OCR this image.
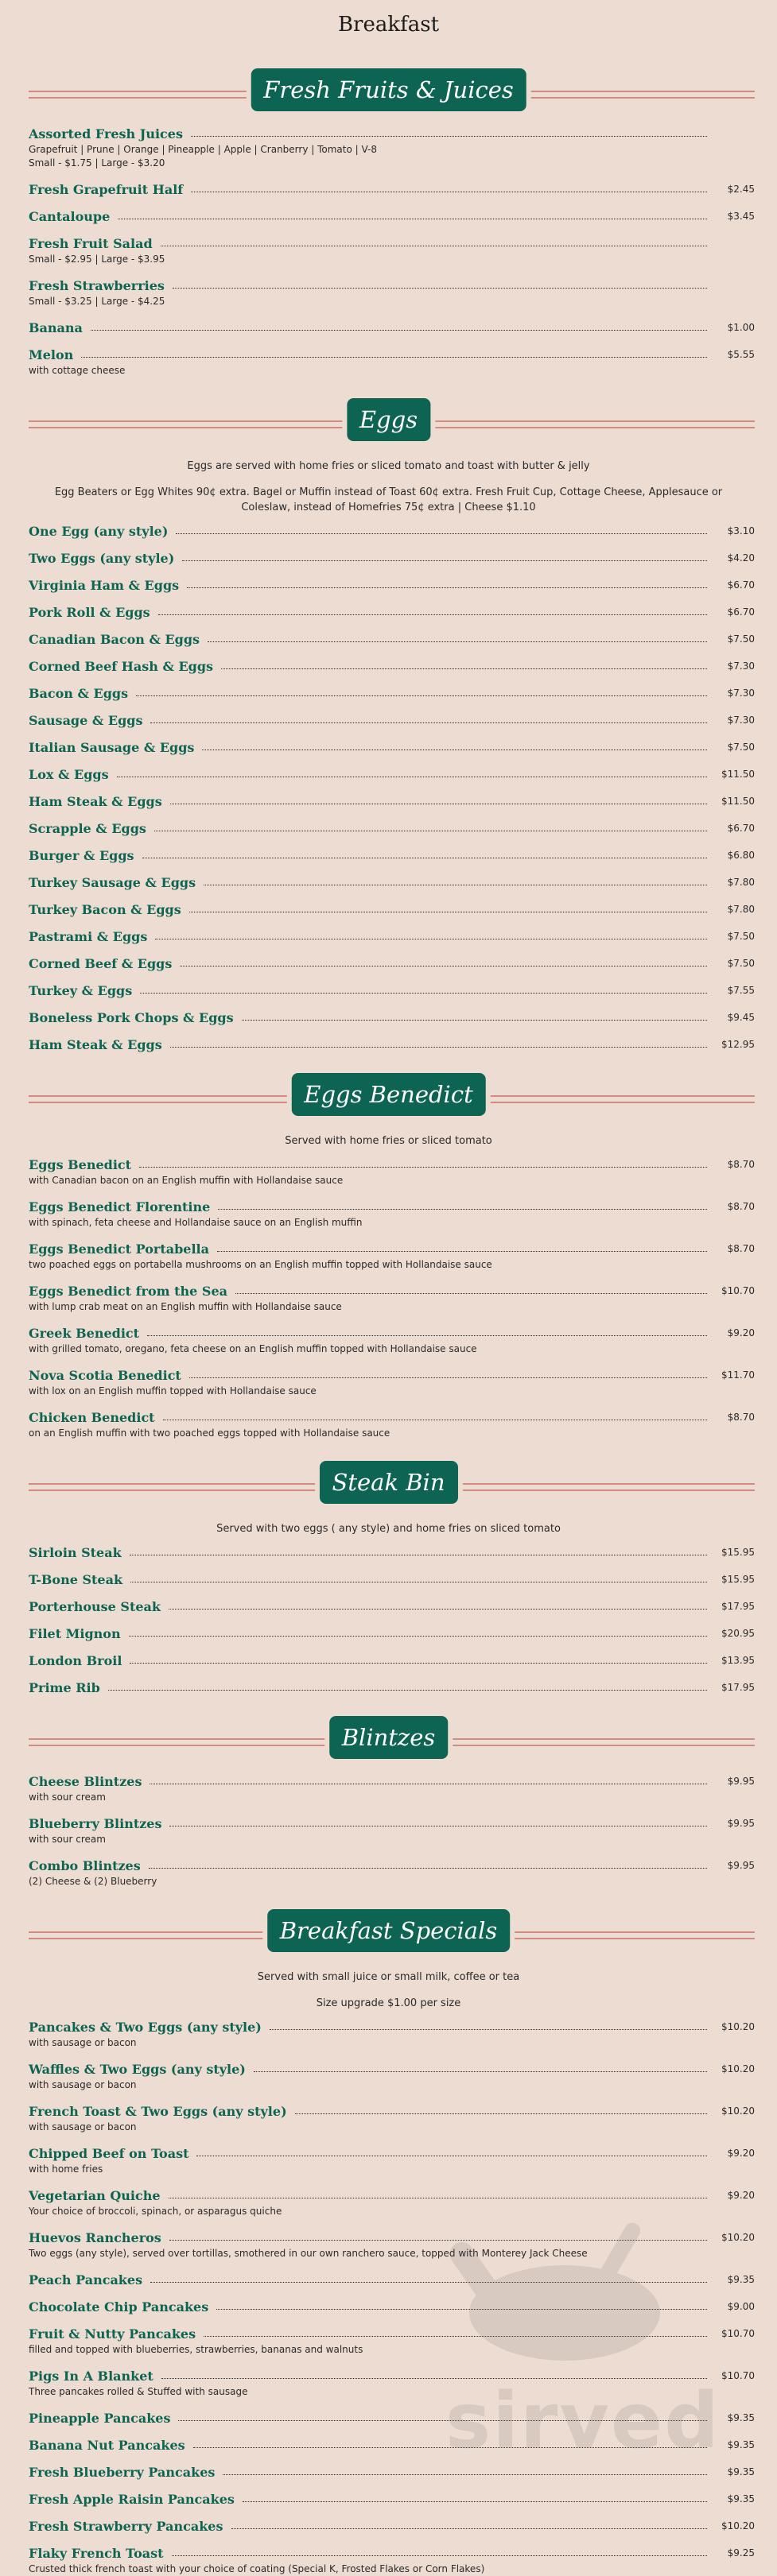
Breakfast
Fresh Fruits & Juices
Assorted Fresh Juices
Grapefruit | Prune | Orange | Pineapple | Apple | Cranberry | Tomato | V-8
Small - $1.75 | Large - $3.20
Fresh Grapefruit Half	$2.45
Cantaloupe	$3.45
Fresh Fruit Salad
Small - $2.95 | Large - $3.95
Fresh Strawberries
Small - $3.25 | Large - $4.25
Banana	$1.00
Melon	$5.55
with cottage cheese
Eggs
Eggs are served with home fries or sliced tomato and toast with butter & jelly
Egg Beaters or Egg Whites 90¢ extra. Bagel or Muffin instead of Toast 60¢ extra. Fresh Fruit Cup, Cottage Cheese, Applesauce or Coleslaw, instead of Homefries 75¢ extra | Cheese $1.10
One Egg (any style)	$3.10
Two Eggs (any style)	$4.20
Virginia Ham & Eggs	$6.70
Pork Roll & Eggs	$6.70
Canadian Bacon & Eggs	$7.50
Corned Beef Hash & Eggs	$7.30
Bacon & Eggs	$7.30
Sausage & Eggs	$7.30
Italian Sausage & Eggs	$7.50
Lox & Eggs	$11.50
Ham Steak & Eggs	$11.50
Scrapple & Eggs	$6.70
Burger & Eggs	$6.80
Turkey Sausage & Eggs	$7.80
Turkey Bacon & Eggs	$7.80
Pastrami & Eggs	$7.50
Corned Beef & Eggs	$7.50
Turkey & Eggs	$7.55
Boneless Pork Chops & Eggs	$9.45
Ham Steak & Eggs	$12.95
Eggs Benedict
Served with home fries or sliced tomato
Eggs Benedict	$8.70
with Canadian bacon on an English muffin with Hollandaise sauce
Eggs Benedict Florentine	$8.70
with spinach, feta cheese and Hollandaise sauce on an English muffin
Eggs Benedict Portabella	$8.70
two poached eggs on portabella mushrooms on an English muffin topped with Hollandaise sauce
Eggs Benedict from the Sea	$10.70
with lump crab meat on an English muffin with Hollandaise sauce
Greek Benedict	$9.20
with grilled tomato, oregano, feta cheese on an English muffin topped with Hollandaise sauce
Nova Scotia Benedict	$11.70
with lox on an English muffin topped with Hollandaise sauce
Chicken Benedict	$8.70
on an English muffin with two poached eggs topped with Hollandaise sauce
Steak Bin
Served with two eggs ( any style) and home fries on sliced tomato
Sirloin Steak	$15.95
T-Bone Steak	$15.95
Porterhouse Steak	$17.95
Filet Mignon	$20.95
London Broil	$13.95
Prime Rib	$17.95
Blintzes
Cheese Blintzes	$9.95
with sour cream
Blueberry Blintzes	$9.95
with sour cream
Combo Blintzes	$9.95
(2) Cheese & (2) Blueberry
Breakfast Specials
Served with small juice or small milk, coffee or tea
Size upgrade $1.00 per size
Pancakes & Two Eggs (any style)	$10.20
with sausage or bacon
Waffles & Two Eggs (any style)	$10.20
with sausage or bacon
French Toast & Two Eggs (any style)	$10.20
with sausage or bacon
Chipped Beef on Toast	$9.20
with home fries
Vegetarian Quiche	$9.20
Your choice of broccoli, spinach, or asparagus quiche
Huevos Rancheros	$10.20
Two eggs (any style), served over tortillas, smothered in our own ranchero sauce, topped with Monterey Jack Cheese
Peach Pancakes	$9.35
Chocolate Chip Pancakes	$9.00
Fruit & Nutty Pancakes	$10.70
filled and topped with blueberries, strawberries, bananas and walnuts
Pigs In A Blanket	$10.70
Three pancakes rolled & Stuffed with sausage
Pineapple Pancakes	$9.35
Banana Nut Pancakes	$9.35
Fresh Blueberry Pancakes	$9.35
Fresh Apple Raisin Pancakes	$9.35
Fresh Strawberry Pancakes	$10.20
Flaky French Toast	$9.25
Crusted thick french toast with your choice of coating (Special K, Frosted Flakes or Corn Flakes)
sirved
